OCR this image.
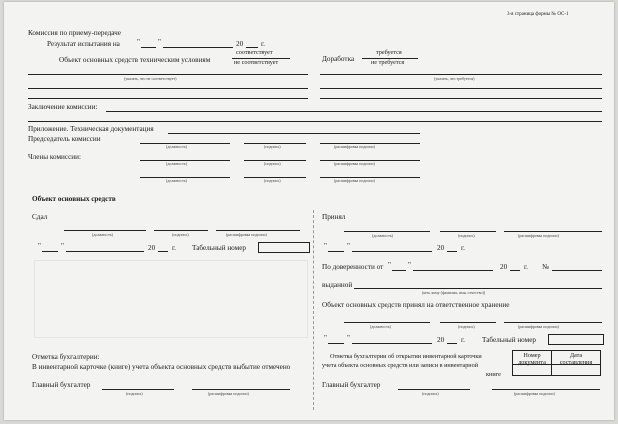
3-я страница формы № ОС-1
Комиссия по приему-передаче
Результат испытания на "	"	20 г.
Объект основных средств техническим условиям
соответствует
не соответствует	Доработка
требуется
не требуется
(указать, что не соответствует)	(указать, что требуется)
Заключение комиссии:
Приложение. Техническая документация
Председатель комиссии
(должность)	(подпись)	(расшифровка подписи)
Члены комиссии:
(должность)	(подпись)	(расшифровка подписи)
(должность)	(подпись)	(расшифровка подписи)
Объект основных средств
Сдал
(должность)	(подпись)	(расшифровка подписи)
"	"	20 г. Табельный номер
Принял
(должность)	(подпись)	(расшифровка подписи)
"	"	20 г.
По доверенности от " "	20 г. №
выданной
(кем, кому (фамилия, имя, отчество))
Объект основных средств принял на ответственное хранение
(должность)	(подпись)	(расшифровка подписи)
"	"	20 г. Табельный номер
Отметка бухгалтерии:
В инвентарной карточке (книге) учета объекта основных средств выбытие отмечено
Главный бухгалтер
(подпись)	(расшифровка подписи)
Отметка бухгалтерии об открытии инвентарной карточки
учета объекта основных средств или записи в инвентарной
книге
Номер
документа
Дата
составления
Главный бухгалтер
(подпись)	(расшифровка подписи)
